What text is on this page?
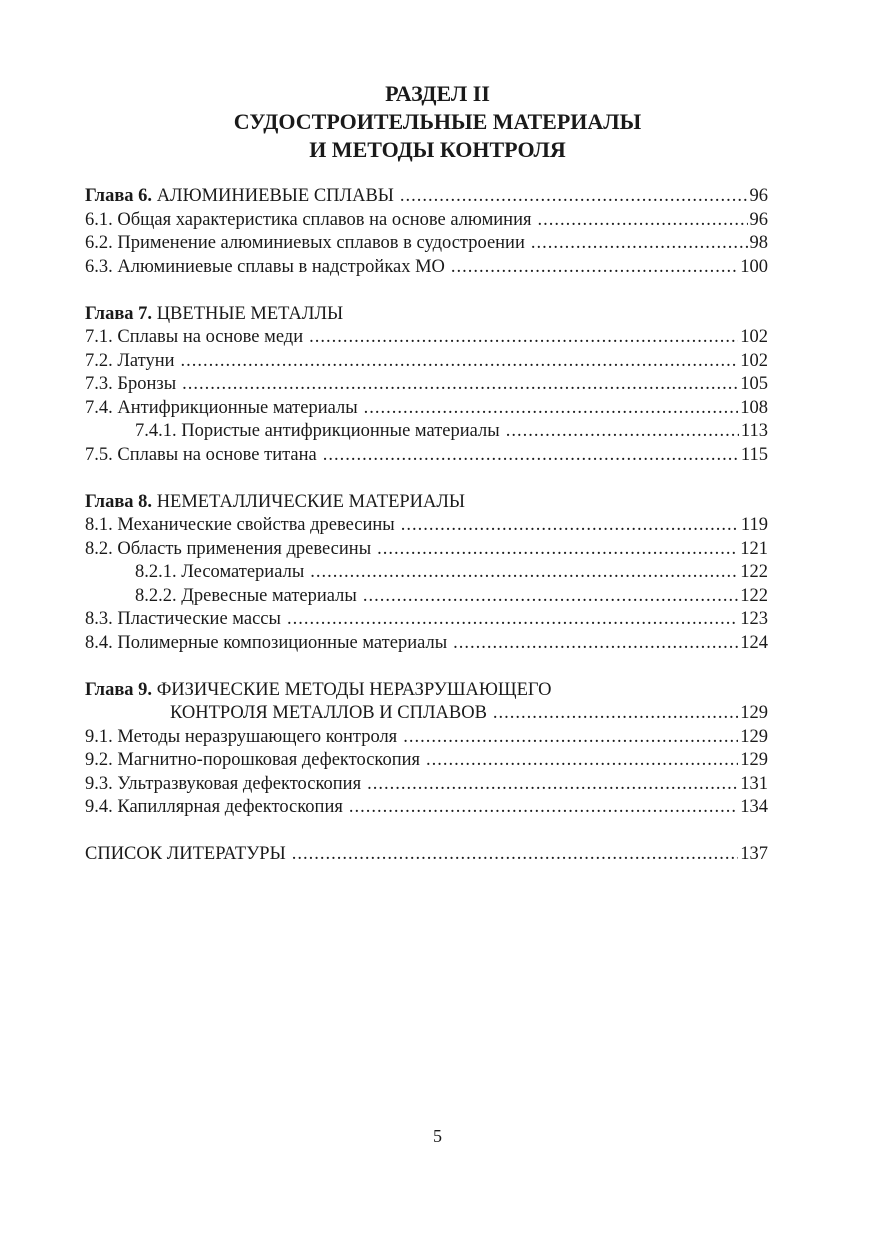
РАЗДЕЛ II
СУДОСТРОИТЕЛЬНЫЕ МАТЕРИАЛЫ
И МЕТОДЫ КОНТРОЛЯ
Глава 6. АЛЮМИНИЕВЫЕ СПЛАВЫ .....	96
6.1. Общая характеристика сплавов на основе алюминия .....	96
6.2. Применение алюминиевых сплавов в судостроении .....	98
6.3. Алюминиевые сплавы в надстройках МО .....	100
Глава 7. ЦВЕТНЫЕ МЕТАЛЛЫ
7.1. Сплавы на основе меди .....	102
7.2. Латуни .....	102
7.3. Бронзы .....	105
7.4. Антифрикционные материалы .....	108
7.4.1. Пористые антифрикционные материалы .....	113
7.5. Сплавы на основе титана .....	115
Глава 8. НЕМЕТАЛЛИЧЕСКИЕ МАТЕРИАЛЫ
8.1. Механические свойства древесины .....	119
8.2. Область применения древесины .....	121
8.2.1. Лесоматериалы .....	122
8.2.2. Древесные материалы .....	122
8.3. Пластические массы .....	123
8.4. Полимерные композиционные материалы .....	124
Глава 9. ФИЗИЧЕСКИЕ МЕТОДЫ НЕРАЗРУШАЮЩЕГО
КОНТРОЛЯ МЕТАЛЛОВ И СПЛАВОВ .....	129
9.1. Методы неразрушающего контроля .....	129
9.2. Магнитно-порошковая дефектоскопия .....	129
9.3. Ультразвуковая дефектоскопия .....	131
9.4. Капиллярная дефектоскопия .....	134
СПИСОК ЛИТЕРАТУРЫ .....	137
5
